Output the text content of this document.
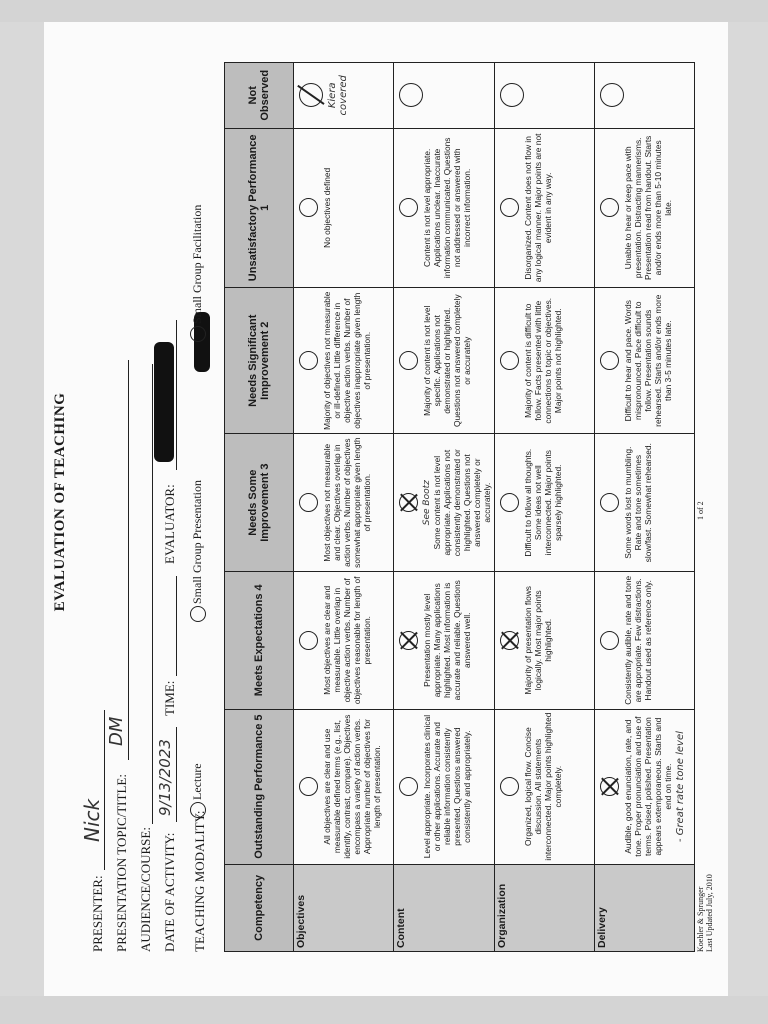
EVALUATION OF TEACHING
PRESENTER:
Nick PRESENTATION TOPIC/TITLE:
DM
AUDIENCE/COURSE: DATE OF ACTIVITY:
9/13/2023
TIME:
EVALUATOR:
TEACHING MODALITY:
Lecture
Small Group Presentation
Small Group Facilitation
Competency	Outstanding Performance 5	Meets Expectations 4	Needs Some Improvement 3	Needs Significant Improvement 2	Unsatisfactory Performance 1	Not Observed
Objectives	All objectives are clear and use measurable defined terms (e.g., list, identify, contrast, compare). Objectives encompass a variety of action verbs. Appropriate number of objectives for length of presentation.	Most objectives are clear and measurable. Little overlap in objective action verbs. Number of objectives reasonable for length of presentation.	Most objectives not measurable and clear. Objectives overlap in action verbs. Number of objectives somewhat appropriate given length of presentation.	Majority of objectives not measurable or ill-defined. Little difference in objective action verbs. Number of objectives inappropriate given length of presentation.	No objectives defined	Kiera covered

Content	Level appropriate. Incorporates clinical or other applications. Accurate and reliable information consistently presented. Questions answered consistently and appropriately.	Presentation mostly level appropriate. Many applications highlighted. Most information is accurate and reliable. Questions answered well.	See Bootz Some content is not level appropriate. Applications not consistently demonstrated or highlighted. Questions not answered completely or accurately.	Majority of content is not level specific. Applications not demonstrated or highlighted. Questions not answered completely or accurately	Content is not level appropriate. Applications unclear. Inaccurate information communicated. Questions not addressed or answered with incorrect information.	

Organization	Organized, logical flow. Concise discussion. All statements interconnected. Major points highlighted completely.	Majority of presentation flows logically. Most major points highlighted.	Difficult to follow all thoughts. Some ideas not well interconnected. Major points sparsely highlighted.	Majority of content is difficult to follow. Facts presented with little connections to topic or objectives. Major points not highlighted.	Disorganized. Content does not flow in any logical manner. Major points are not evident in any way.	

Delivery	Audible, good enunciation, rate, and tone. Proper pronunciation and use of terms. Poised, polished. Presentation appears extemporaneous. Starts and end on time. - Great rate tone level	Consistently audible, rate and tone are appropriate. Few distractions. Handout used as reference only.	Some words lost to mumbling. Rate and tone sometimes slow/fast. Somewhat rehearsed.	Difficult to hear and pace. Words mispronounced. Pace difficult to follow. Presentation sounds rehearsed. Starts and/or ends more than 3-5 minutes late.	Unable to hear or keep pace with presentation. Distracting mannerisms. Presentation read from handout. Starts and/or ends more than 5-10 minutes late.	
Koehler & Sprunger Last Updated July, 2010
1 of 2
